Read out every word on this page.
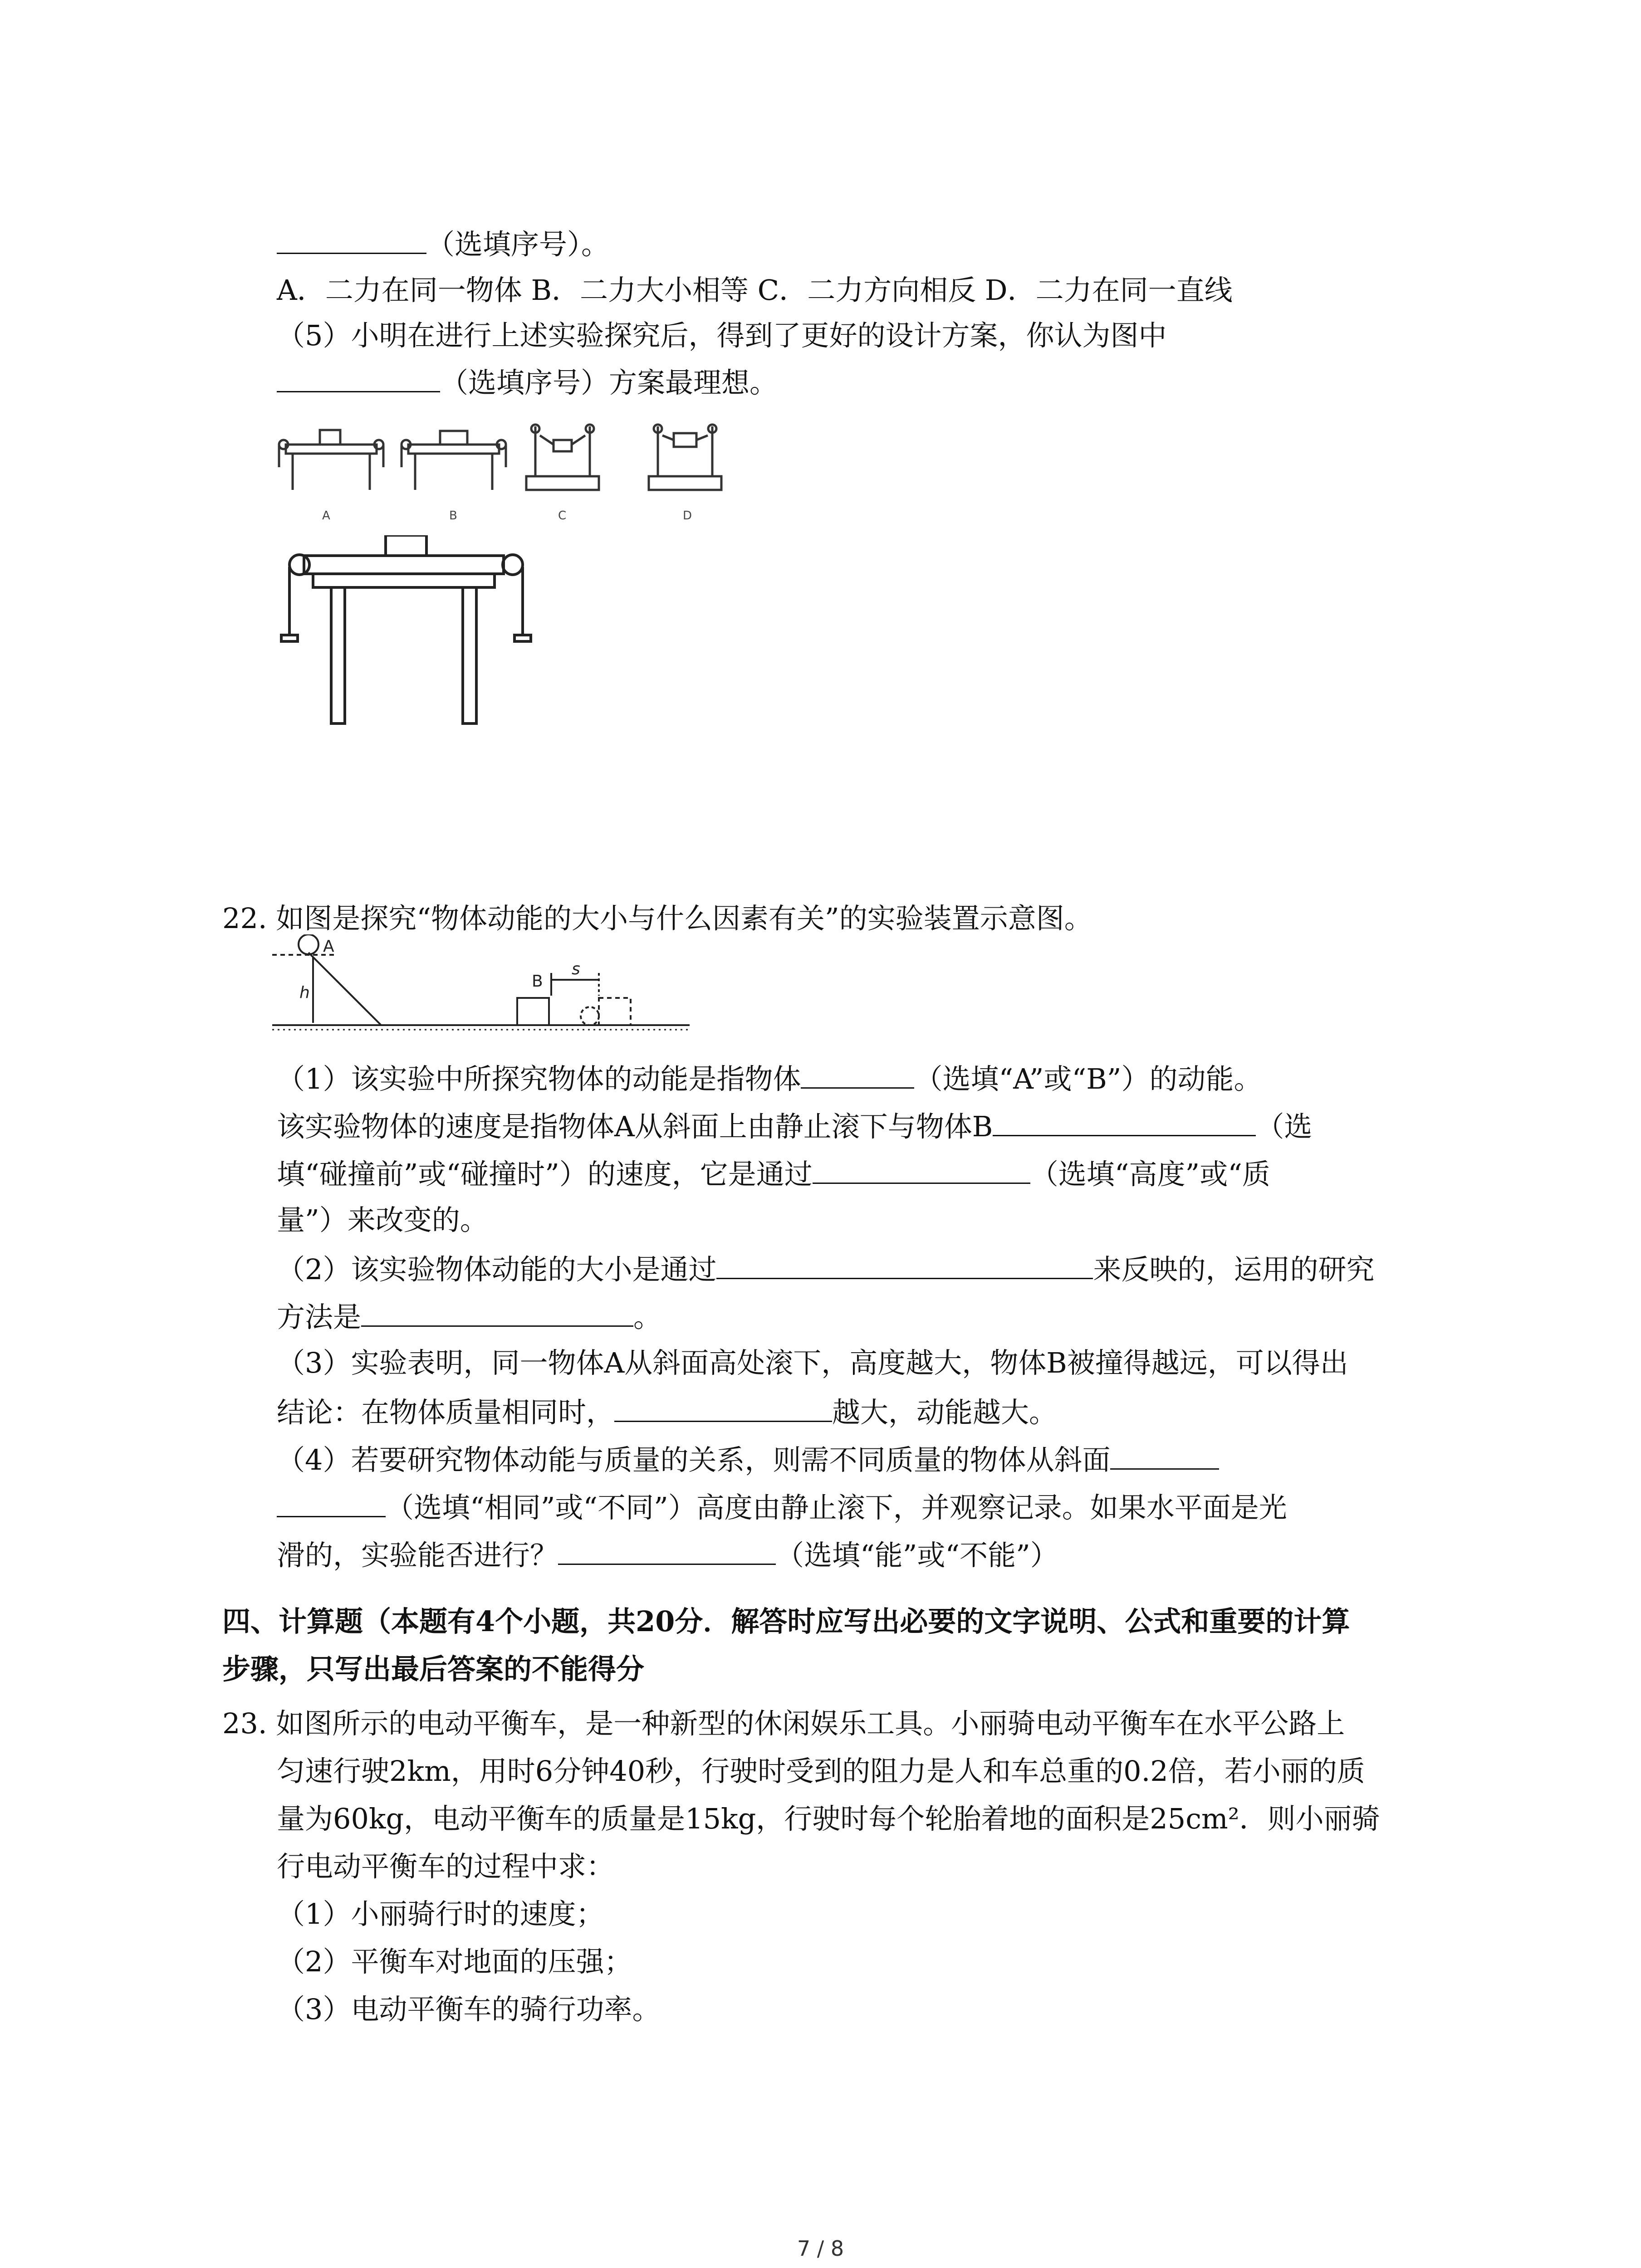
（选填序号）。
A．二力在同一物体 B．二力大小相等 C．二力方向相反 D．二力在同一直线
（5）小明在进行上述实验探究后，得到了更好的设计方案，你认为图中
（选填序号）方案最理想。
A	B	C	D
22. 如图是探究“物体动能的大小与什么因素有关”的实验装置示意图。
A
h
B
s
（1）该实验中所探究物体的动能是指物体	（选填“A”或“B”）的动能。
该实验物体的速度是指物体A从斜面上由静止滚下与物体B	（选
填“碰撞前”或“碰撞时”）的速度，它是通过	（选填“高度”或“质
量”）来改变的。
（2）该实验物体动能的大小是通过	来反映的，运用的研究
方法是	。
（3）实验表明，同一物体A从斜面高处滚下，高度越大，物体B被撞得越远，可以得出
结论：在物体质量相同时，	越大，动能越大。
（4）若要研究物体动能与质量的关系，则需不同质量的物体从斜面
（选填“相同”或“不同”）高度由静止滚下，并观察记录。如果水平面是光
滑的，实验能否进行？	（选填“能”或“不能”）
四、计算题（本题有4个小题，共20分．解答时应写出必要的文字说明、公式和重要的计算
步骤，只写出最后答案的不能得分
23. 如图所示的电动平衡车，是一种新型的休闲娱乐工具。小丽骑电动平衡车在水平公路上
匀速行驶2km，用时6分钟40秒，行驶时受到的阻力是人和车总重的0.2倍，若小丽的质
量为60kg，电动平衡车的质量是15kg，行驶时每个轮胎着地的面积是25cm²．则小丽骑
行电动平衡车的过程中求：
（1）小丽骑行时的速度；
（2）平衡车对地面的压强；
（3）电动平衡车的骑行功率。
7 / 8
